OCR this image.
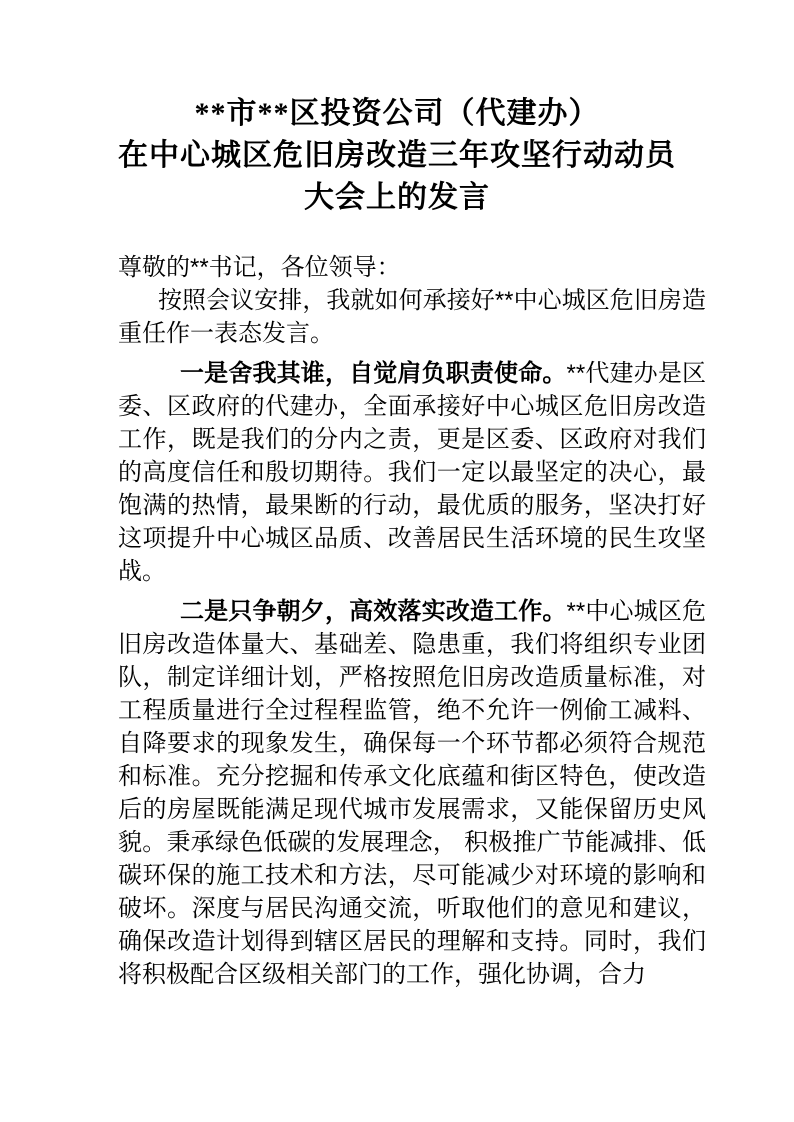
**市**区投资公司（代建办）
在中心城区危旧房改造三年攻坚行动动员
大会上的发言

尊敬的**书记，各位领导：

按照会议安排，我就如何承接好**中心城区危旧房造重任作一表态发言。

一是舍我其谁，自觉肩负职责使命。**代建办是区委、区政府的代建办，全面承接好中心城区危旧房改造工作，既是我们的分内之责，更是区委、区政府对我们的高度信任和殷切期待。我们一定以最坚定的决心，最饱满的热情，最果断的行动，最优质的服务，坚决打好这项提升中心城区品质、改善居民生活环境的民生攻坚战。

二是只争朝夕，高效落实改造工作。**中心城区危旧房改造体量大、基础差、隐患重，我们将组织专业团队，制定详细计划，严格按照危旧房改造质量标准，对工程质量进行全过程程监管，绝不允许一例偷工减料、自降要求的现象发生，确保每一个环节都必须符合规范和标准。充分挖掘和传承文化底蕴和街区特色，使改造后的房屋既能满足现代城市发展需求，又能保留历史风貌。秉承绿色低碳的发展理念， 积极推广节能减排、低碳环保的施工技术和方法，尽可能减少对环境的影响和破坏。深度与居民沟通交流，听取他们的意见和建议，确保改造计划得到辖区居民的理解和支持。同时，我们将积极配合区级相关部门的工作，强化协调，合力
